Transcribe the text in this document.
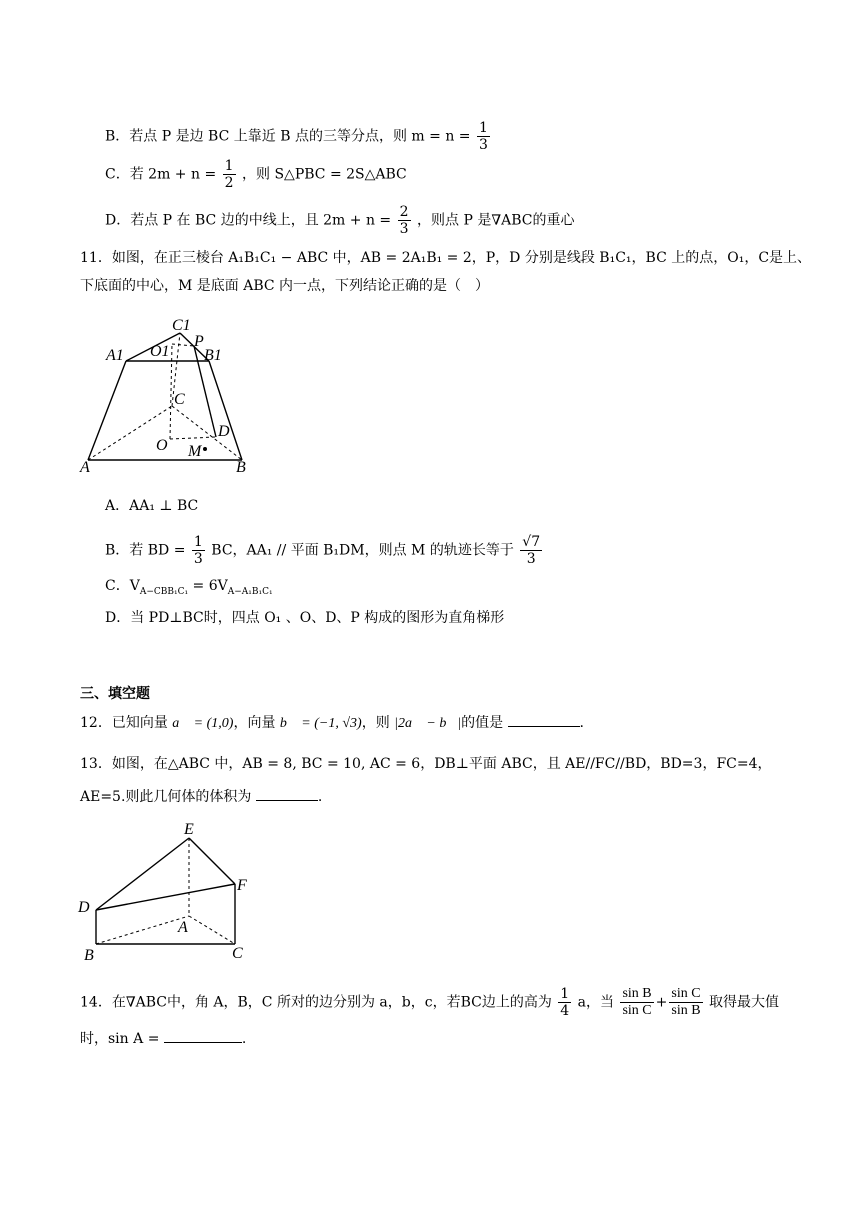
B．若点 P 是边 BC 上靠近 B 点的三等分点，则 $m = n = \frac{1}{3}$
C．若 $2m + n = \frac{1}{2}$ ，则 S△PBC = 2S△ABC
D．若点 P 在 BC 边的中线上，且 $2m + n = \frac{2}{3}$ ，则点 P 是∇ABC的重心
11．如图，在正三棱台 A₁B₁C₁ − ABC 中，AB = 2A₁B₁ = 2，P，D 分别是线段 B₁C₁，BC 上的点，O₁，C是上、
下底面的中心，M 是底面 ABC 内一点，下列结论正确的是（　）
C1
A1 O1
P
B1
C
D
O M
A	B
A．AA₁ ⊥ BC
B．若 BD = $\frac{1}{3}$ BC，AA₁ // 平面 B₁DM，则点 M 的轨迹长等于 $\frac{√7}{3}$
C．$V_{A-CBB_1C_1} = 6V_{A-A_1B_1C_1}$
D．当 PD⊥BC时，四点 O₁ 、O、D、P 构成的图形为直角梯形
三、填空题
12．已知向量 a⃗ = (1,0)，向量 b⃗ = (−1, √3)，则 |2a⃗ − b⃗|的值是	.
13．如图，在△ABC 中，AB = 8, BC = 10, AC = 6，DB⊥平面 ABC，且 AE//FC//BD，BD=3，FC=4，
AE=5.则此几何体的体积为	.
E
F
D
A
B	C
14．在∇ABC中，角 A，B，C 所对的边分别为 a，b，c，若BC边上的高为 $\frac{1}{4}$ a，当 $\frac{\text{sin B}}{\text{sin C}} + \frac{\text{sin C}}{\text{sin B}}$ 取得最大值
时，sin A =	.
